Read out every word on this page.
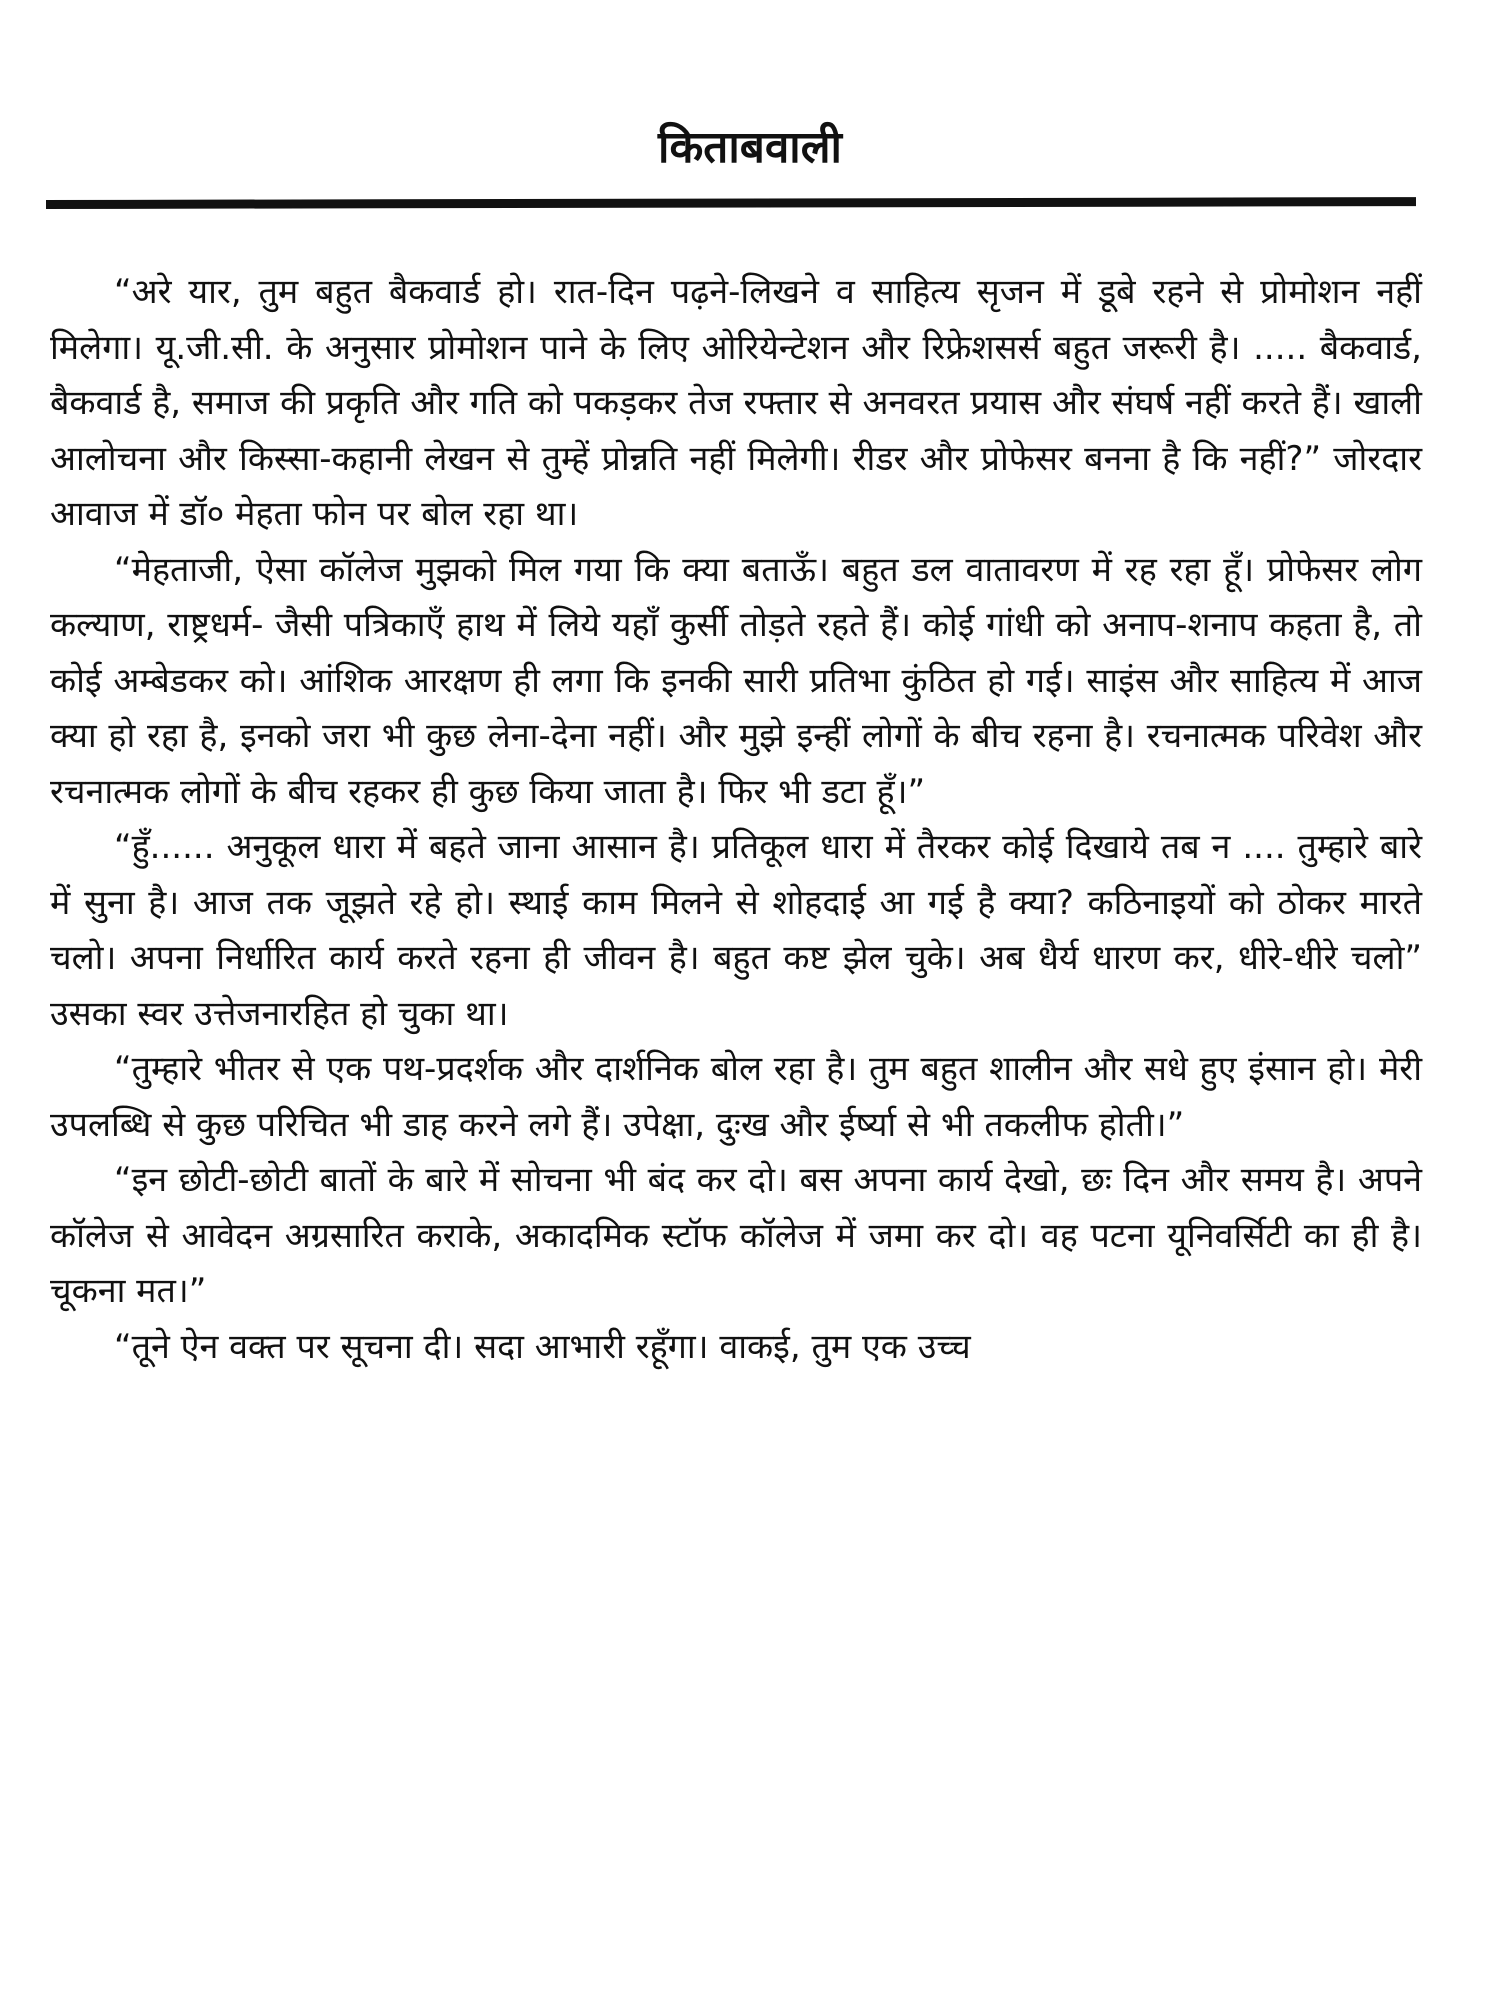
किताबवाली

“अरे यार, तुम बहुत बैकवार्ड हो। रात-दिन पढ़ने-लिखने व साहित्य सृजन में डूबे रहने से प्रोमोशन नहीं मिलेगा। यू.जी.सी. के अनुसार प्रोमोशन पाने के लिए ओरियेन्टेशन और रिफ्रेशसर्स बहुत जरूरी है। ..... बैकवार्ड, बैकवार्ड है, समाज की प्रकृति और गति को पकड़कर तेज रफ्तार से अनवरत प्रयास और संघर्ष नहीं करते हैं। खाली आलोचना और किस्सा-कहानी लेखन से तुम्हें प्रोन्नति नहीं मिलेगी। रीडर और प्रोफेसर बनना है कि नहीं?” जोरदार आवाज में डॉ० मेहता फोन पर बोल रहा था।

“मेहताजी, ऐसा कॉलेज मुझको मिल गया कि क्या बताऊँ। बहुत डल वातावरण में रह रहा हूँ। प्रोफेसर लोग कल्याण, राष्ट्रधर्म- जैसी पत्रिकाएँ हाथ में लिये यहाँ कुर्सी तोड़ते रहते हैं। कोई गांधी को अनाप-शनाप कहता है, तो कोई अम्बेडकर को। आंशिक आरक्षण ही लगा कि इनकी सारी प्रतिभा कुंठित हो गई। साइंस और साहित्य में आज क्या हो रहा है, इनको जरा भी कुछ लेना-देना नहीं। और मुझे इन्हीं लोगों के बीच रहना है। रचनात्मक परिवेश और रचनात्मक लोगों के बीच रहकर ही कुछ किया जाता है। फिर भी डटा हूँ।”

“हुँ...... अनुकूल धारा में बहते जाना आसान है। प्रतिकूल धारा में तैरकर कोई दिखाये तब न .... तुम्हारे बारे में सुना है। आज तक जूझते रहे हो। स्थाई काम मिलने से शोहदाई आ गई है क्या? कठिनाइयों को ठोकर मारते चलो। अपना निर्धारित कार्य करते रहना ही जीवन है। बहुत कष्ट झेल चुके। अब धैर्य धारण कर, धीरे-धीरे चलो” उसका स्वर उत्तेजनारहित हो चुका था।

“तुम्हारे भीतर से एक पथ-प्रदर्शक और दार्शनिक बोल रहा है। तुम बहुत शालीन और सधे हुए इंसान हो। मेरी उपलब्धि से कुछ परिचित भी डाह करने लगे हैं। उपेक्षा, दुःख और ईर्ष्या से भी तकलीफ होती।”

“इन छोटी-छोटी बातों के बारे में सोचना भी बंद कर दो। बस अपना कार्य देखो, छः दिन और समय है। अपने कॉलेज से आवेदन अग्रसारित कराके, अकादमिक स्टॉफ कॉलेज में जमा कर दो। वह पटना यूनिवर्सिटी का ही है। चूकना मत।”

“तूने ऐन वक्त पर सूचना दी। सदा आभारी रहूँगा। वाकई, तुम एक उच्च
